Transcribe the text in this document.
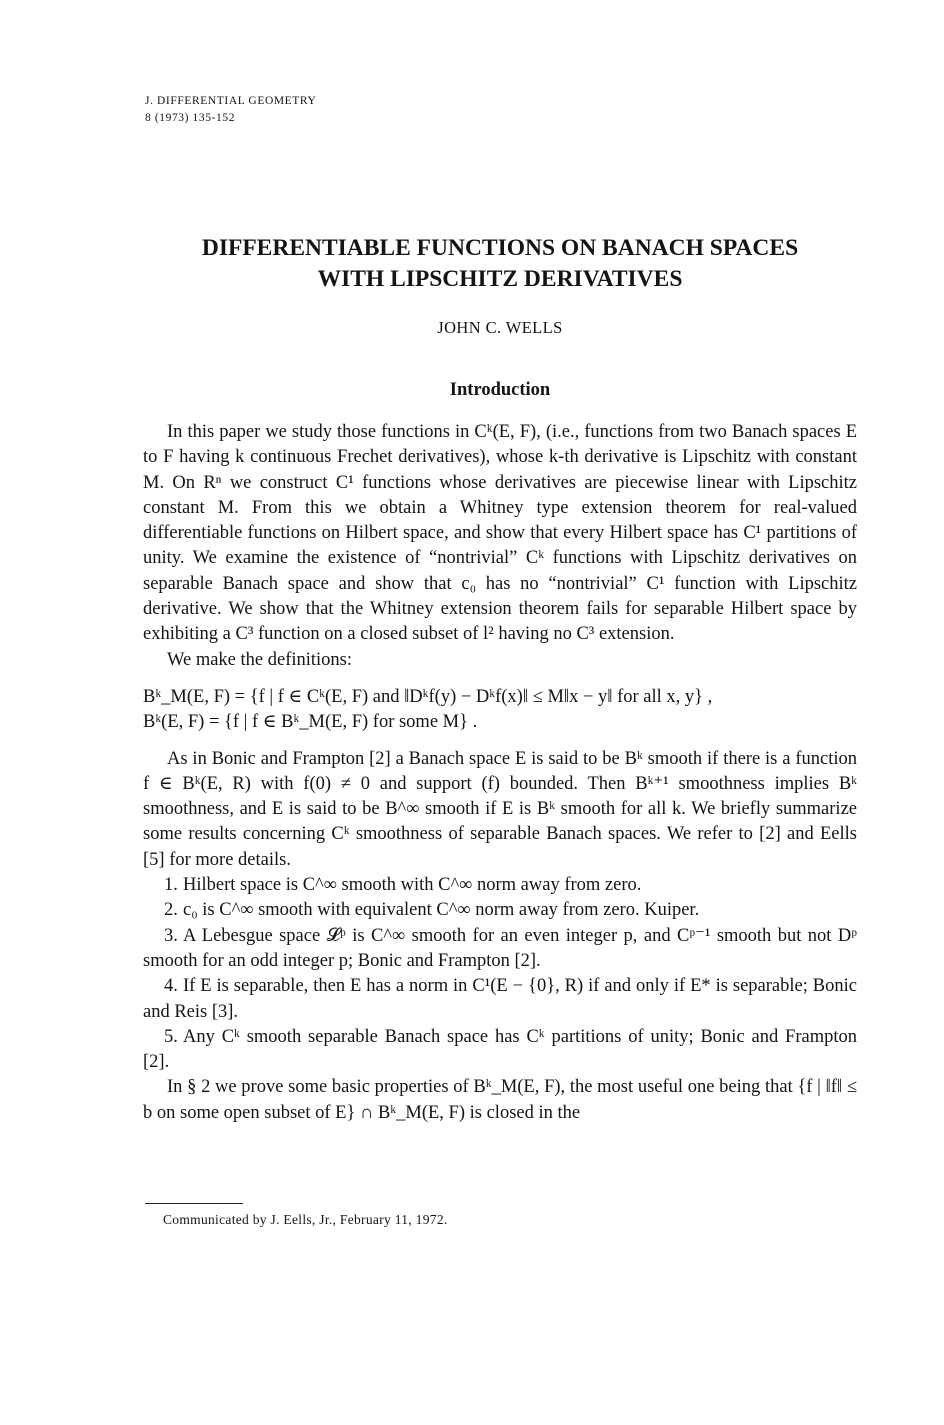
J. DIFFERENTIAL GEOMETRY
8 (1973) 135-152
DIFFERENTIABLE FUNCTIONS ON BANACH SPACES
WITH LIPSCHITZ DERIVATIVES
JOHN C. WELLS
Introduction

In this paper we study those functions in Cᵏ(E, F), (i.e., functions from two Banach spaces E to F having k continuous Frechet derivatives), whose k-th derivative is Lipschitz with constant M. On Rⁿ we construct C¹ functions whose derivatives are piecewise linear with Lipschitz constant M. From this we obtain a Whitney type extension theorem for real-valued differentiable functions on Hilbert space, and show that every Hilbert space has C¹ partitions of unity. We examine the existence of “nontrivial” Cᵏ functions with Lipschitz derivatives on separable Banach space and show that c₀ has no “nontrivial” C¹ function with Lipschitz derivative. We show that the Whitney extension theorem fails for separable Hilbert space by exhibiting a C³ function on a closed subset of l² having no C³ extension.

We make the definitions:

Bᵏ_M(E, F) = {f | f ∈ Cᵏ(E, F) and ‖Dᵏf(y) − Dᵏf(x)‖ ≤ M‖x − y‖ for all x, y} ,
Bᵏ(E, F) = {f | f ∈ Bᵏ_M(E, F) for some M} .

As in Bonic and Frampton [2] a Banach space E is said to be Bᵏ smooth if there is a function f ∈ Bᵏ(E, R) with f(0) ≠ 0 and support (f) bounded. Then Bᵏ⁺¹ smoothness implies Bᵏ smoothness, and E is said to be B^∞ smooth if E is Bᵏ smooth for all k. We briefly summarize some results concerning Cᵏ smoothness of separable Banach spaces. We refer to [2] and Eells [5] for more details.

1. Hilbert space is C^∞ smooth with C^∞ norm away from zero.

2. c₀ is C^∞ smooth with equivalent C^∞ norm away from zero. Kuiper.

3. A Lebesgue space 𝓛ᵖ is C^∞ smooth for an even integer p, and Cᵖ⁻¹ smooth but not Dᵖ smooth for an odd integer p; Bonic and Frampton [2].

4. If E is separable, then E has a norm in C¹(E − {0}, R) if and only if E* is separable; Bonic and Reis [3].

5. Any Cᵏ smooth separable Banach space has Cᵏ partitions of unity; Bonic and Frampton [2].

In § 2 we prove some basic properties of Bᵏ_M(E, F), the most useful one being that {f | ‖f‖ ≤ b on some open subset of E} ∩ Bᵏ_M(E, F) is closed in the

Communicated by J. Eells, Jr., February 11, 1972.
